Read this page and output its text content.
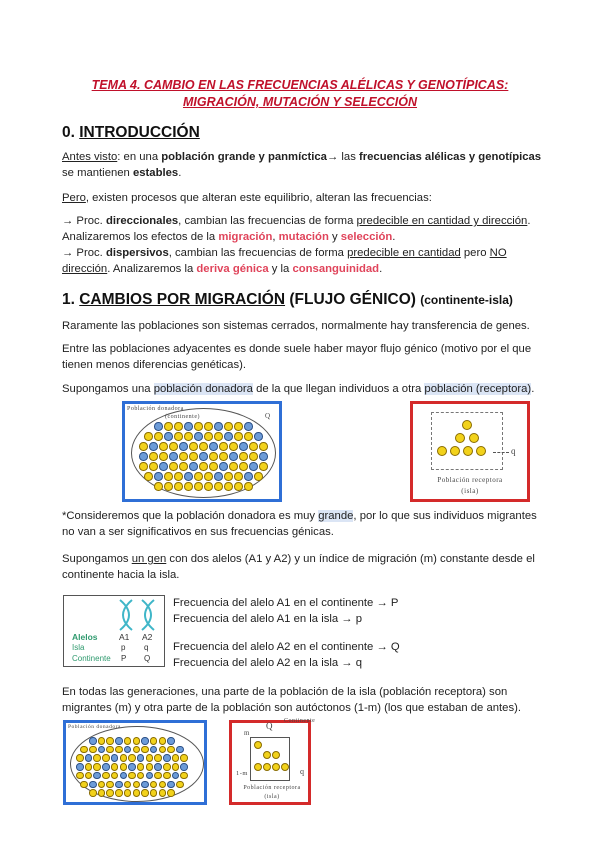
TEMA 4. CAMBIO EN LAS FRECUENCIAS ALÉLICAS Y GENOTÍPICAS:
MIGRACIÓN, MUTACIÓN Y SELECCIÓN
0. INTRODUCCIÓN
Antes visto: en una población grande y panmíctica→ las frecuencias alélicas y genotípicas
se mantienen estables.
Pero, existen procesos que alteran este equilibrio, alteran las frecuencias:
→ Proc. direccionales, cambian las frecuencias de forma predecible en cantidad y dirección.
Analizaremos los efectos de la migración, mutación y selección.
→ Proc. dispersivos, cambian las frecuencias de forma predecible en cantidad pero NO
dirección. Analizaremos la deriva génica y la consanguinidad.
1. CAMBIOS POR MIGRACIÓN (FLUJO GÉNICO) (continente-isla)
Raramente las poblaciones son sistemas cerrados, normalmente hay transferencia de genes.
Entre las poblaciones adyacentes es donde suele haber mayor flujo génico (motivo por el que
tienen menos diferencias genéticas).
Supongamos una población donadora de la que llegan individuos a otra población (receptora).
Población donadora
(continente)	Q
q
Población receptora
(isla)
*Consideremos que la población donadora es muy grande, por lo que sus individuos migrantes
no van a ser significativos en sus frecuencias génicas.
Supongamos un gen con dos alelos (A1 y A2) y un índice de migración (m) constante desde el
continente hacia la isla.
Alelos	A1 A2
Isla	p q
Continente P Q
Frecuencia del alelo A1 en el continente → P
Frecuencia del alelo A1 en la isla → p
Frecuencia del alelo A2 en el continente → Q
Frecuencia del alelo A2 en la isla → q
En todas las generaciones, una parte de la población de la isla (población receptora) son
migrantes (m) y otra parte de la población son autóctonos (1-m) (los que estaban de antes).
Población donadora	Q
m
1-m	q
Población receptora
(isla)
Continente
